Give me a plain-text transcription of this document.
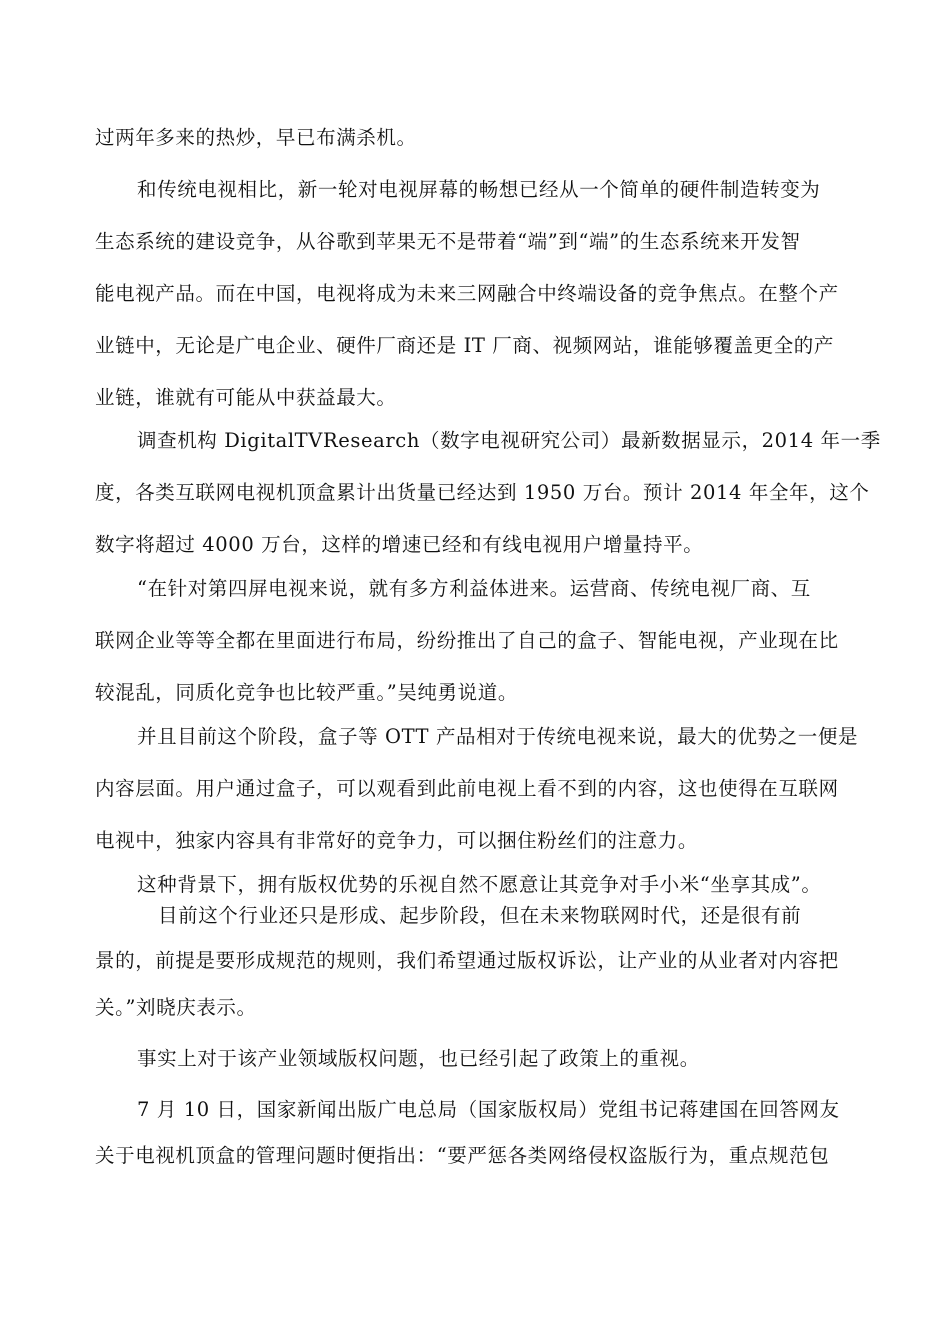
过两年多来的热炒，早已布满杀机。
和传统电视相比，新一轮对电视屏幕的畅想已经从一个简单的硬件制造转变为
生态系统的建设竞争，从谷歌到苹果无不是带着“端”到“端”的生态系统来开发智
能电视产品。而在中国，电视将成为未来三网融合中终端设备的竞争焦点。在整个产
业链中，无论是广电企业、硬件厂商还是 IT 厂商、视频网站，谁能够覆盖更全的产
业链，谁就有可能从中获益最大。
调查机构 DigitalTVResearch（数字电视研究公司）最新数据显示，2014 年一季
度，各类互联网电视机顶盒累计出货量已经达到 1950 万台。预计 2014 年全年，这个
数字将超过 4000 万台，这样的增速已经和有线电视用户增量持平。
“在针对第四屏电视来说，就有多方利益体进来。运营商、传统电视厂商、互
联网企业等等全都在里面进行布局，纷纷推出了自己的盒子、智能电视，产业现在比
较混乱，同质化竞争也比较严重。”吴纯勇说道。
并且目前这个阶段，盒子等 OTT 产品相对于传统电视来说，最大的优势之一便是
内容层面。用户通过盒子，可以观看到此前电视上看不到的内容，这也使得在互联网
电视中，独家内容具有非常好的竞争力，可以捆住粉丝们的注意力。
这种背景下，拥有版权优势的乐视自然不愿意让其竞争对手小米“坐享其成”。
目前这个行业还只是形成、起步阶段，但在未来物联网时代，还是很有前
景的，前提是要形成规范的规则，我们希望通过版权诉讼，让产业的从业者对内容把
关。”刘晓庆表示。
事实上对于该产业领域版权问题，也已经引起了政策上的重视。
7 月 10 日，国家新闻出版广电总局（国家版权局）党组书记蒋建国在回答网友
关于电视机顶盒的管理问题时便指出：“要严惩各类网络侵权盗版行为，重点规范包
